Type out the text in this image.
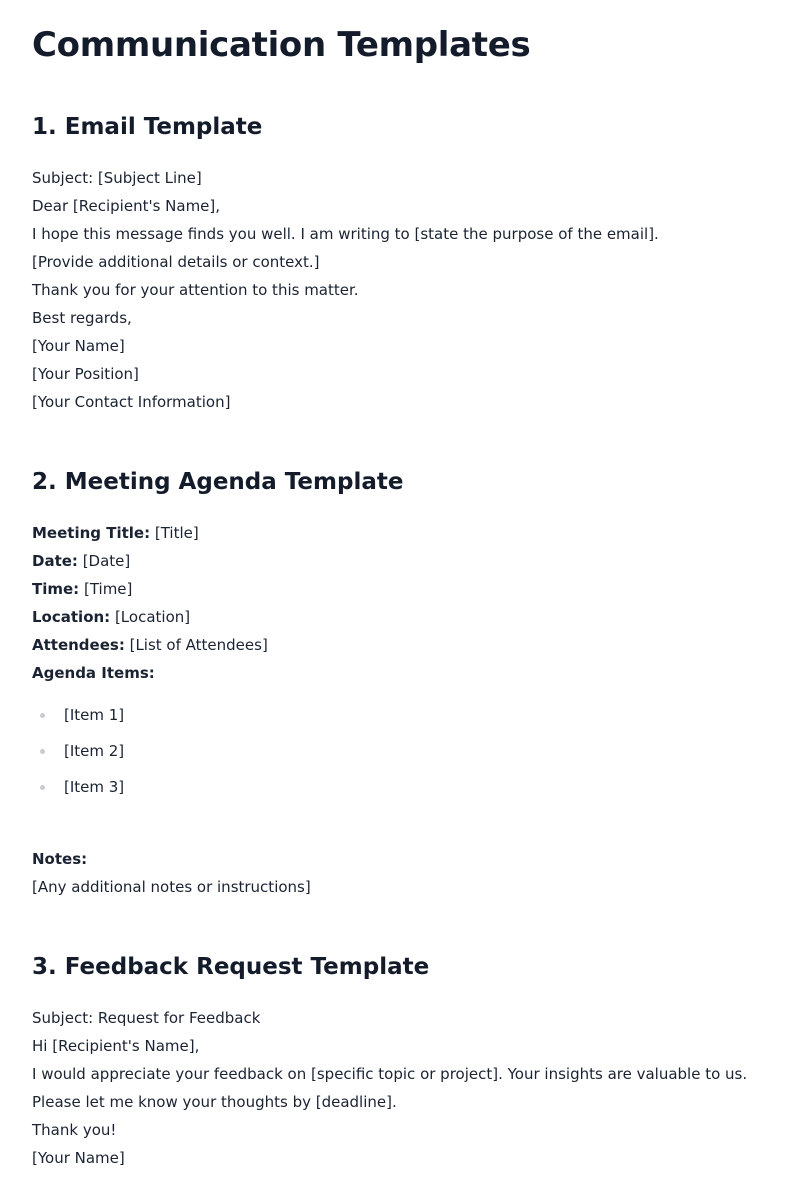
Communication Templates
1. Email Template
Subject: [Subject Line]
Dear [Recipient's Name],
I hope this message finds you well. I am writing to [state the purpose of the email].
[Provide additional details or context.]
Thank you for your attention to this matter.
Best regards,
[Your Name]
[Your Position]
[Your Contact Information]
2. Meeting Agenda Template
Meeting Title: [Title]
Date: [Date]
Time: [Time]
Location: [Location]
Attendees: [List of Attendees]
Agenda Items:
[Item 1]
[Item 2]
[Item 3]
Notes:
[Any additional notes or instructions]
3. Feedback Request Template
Subject: Request for Feedback
Hi [Recipient's Name],
I would appreciate your feedback on [specific topic or project]. Your insights are valuable to us.
Please let me know your thoughts by [deadline].
Thank you!
[Your Name]
